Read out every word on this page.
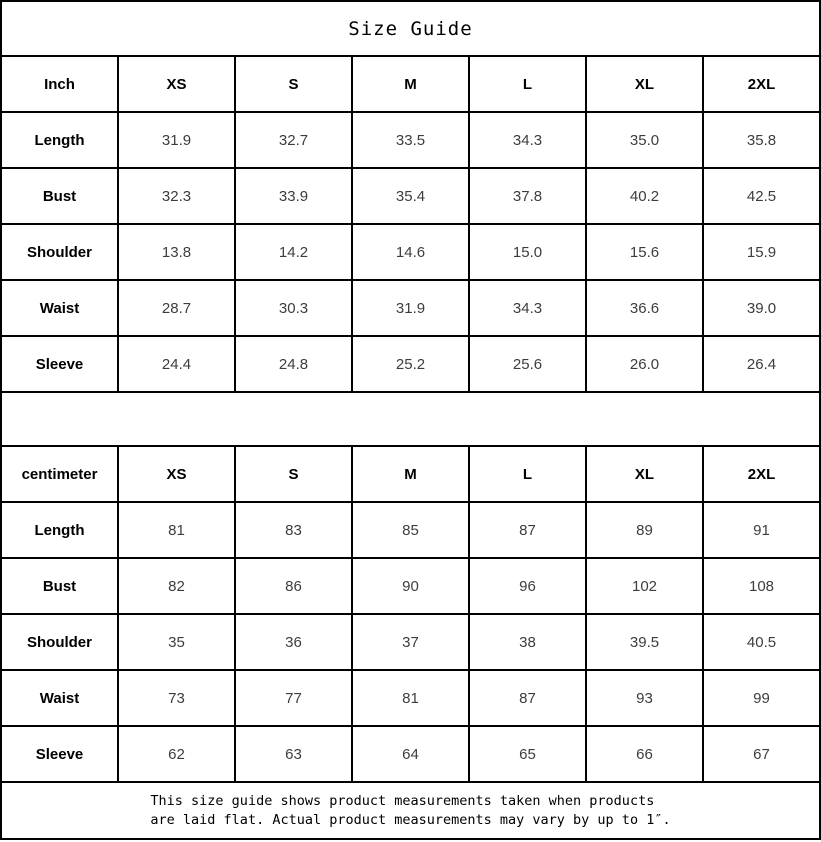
Size Guide
Inch	XS	S	M	L	XL	2XL
Length	31.9	32.7	33.5	34.3	35.0	35.8
Bust	32.3	33.9	35.4	37.8	40.2	42.5
Shoulder	13.8	14.2	14.6	15.0	15.6	15.9
Waist	28.7	30.3	31.9	34.3	36.6	39.0
Sleeve	24.4	24.8	25.2	25.6	26.0	26.4
centimeter	XS	S	M	L	XL	2XL
Length	81	83	85	87	89	91
Bust	82	86	90	96	102	108
Shoulder	35	36	37	38	39.5	40.5
Waist	73	77	81	87	93	99
Sleeve	62	63	64	65	66	67
This size guide shows product measurements taken when products
are laid flat. Actual product measurements may vary by up to 1″.
